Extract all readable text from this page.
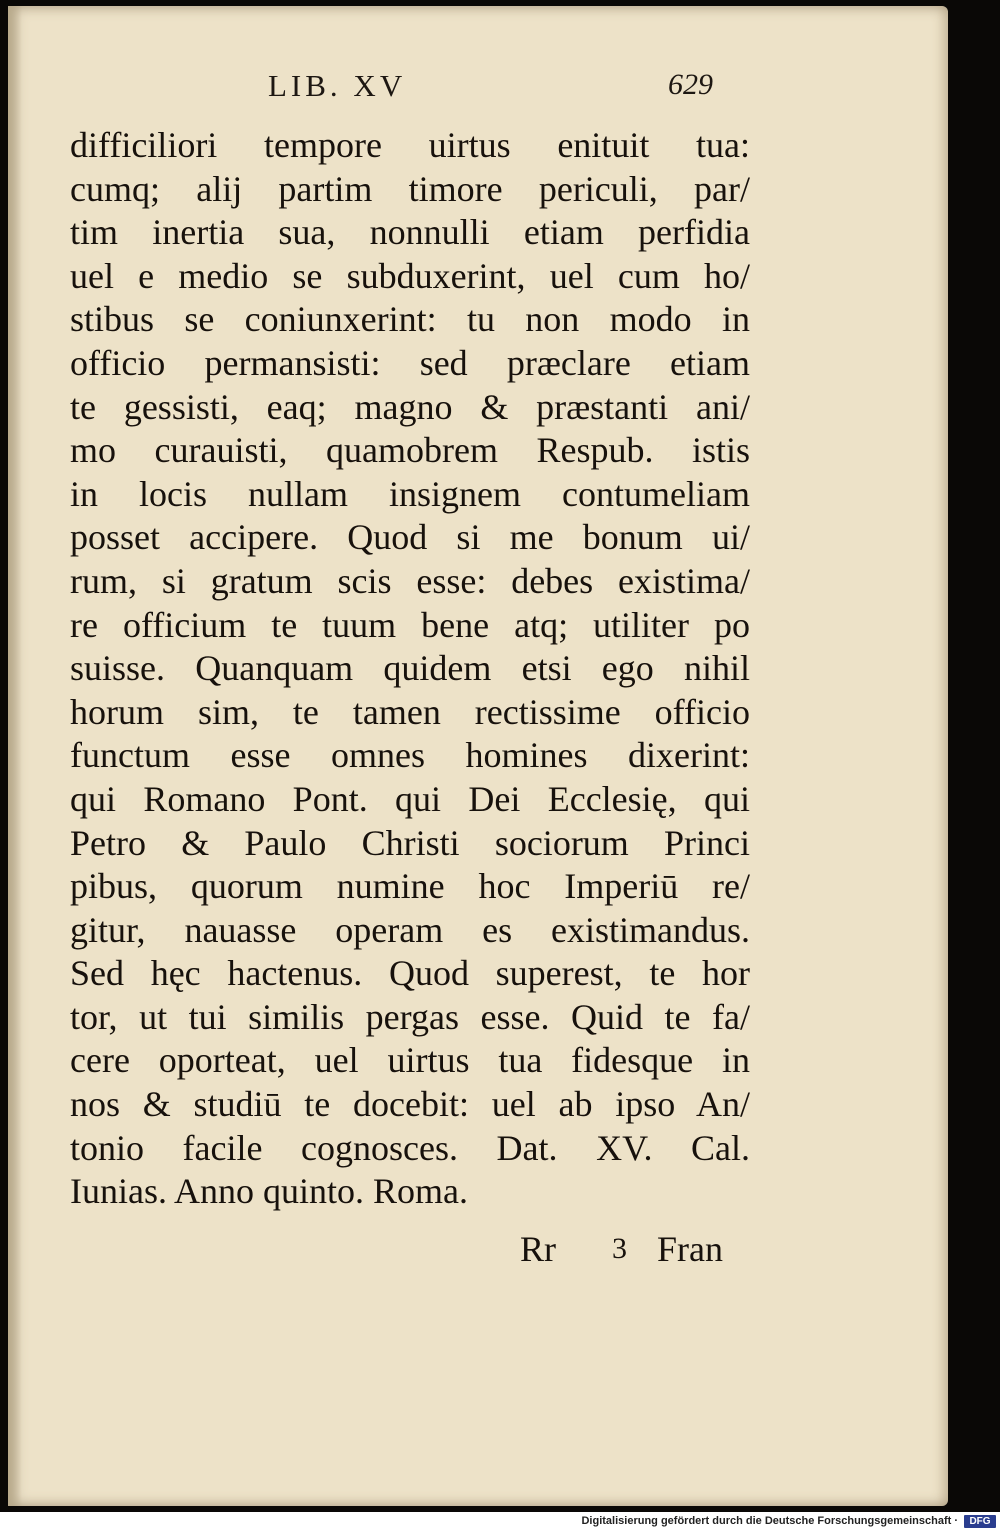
LIB. XV	629
difficiliori tempore uirtus enituit tua:
cumq; alij partim timore periculi, par/
tim inertia sua, nonnulli etiam perfidia
uel e medio se subduxerint, uel cum ho/
stibus se coniunxerint: tu non modo in
officio permansisti: sed præclare etiam
te gessisti, eaq; magno & præstanti ani/
mo curauisti, quamobrem Respub. istis
in locis nullam insignem contumeliam
posset accipere. Quod si me bonum ui/
rum, si gratum scis esse: debes existima/
re officium te tuum bene atq; utiliter po
suisse. Quanquam quidem etsi ego nihil
horum sim, te tamen rectissime officio
functum esse omnes homines dixerint:
qui Romano Pont. qui Dei Ecclesię, qui
Petro & Paulo Christi sociorum Princi
pibus, quorum numine hoc Imperiū re/
gitur, nauasse operam es existimandus.
Sed hęc hactenus. Quod superest, te hor
tor, ut tui similis pergas esse. Quid te fa/
cere oporteat, uel uirtus tua fidesque in
nos & studiū te docebit: uel ab ipso An/
tonio facile cognosces. Dat. XV. Cal.
Iunias. Anno quinto. Roma.
Rr 3 Fran
Digitalisierung gefördert durch die Deutsche Forschungsgemeinschaft ·	DFG
